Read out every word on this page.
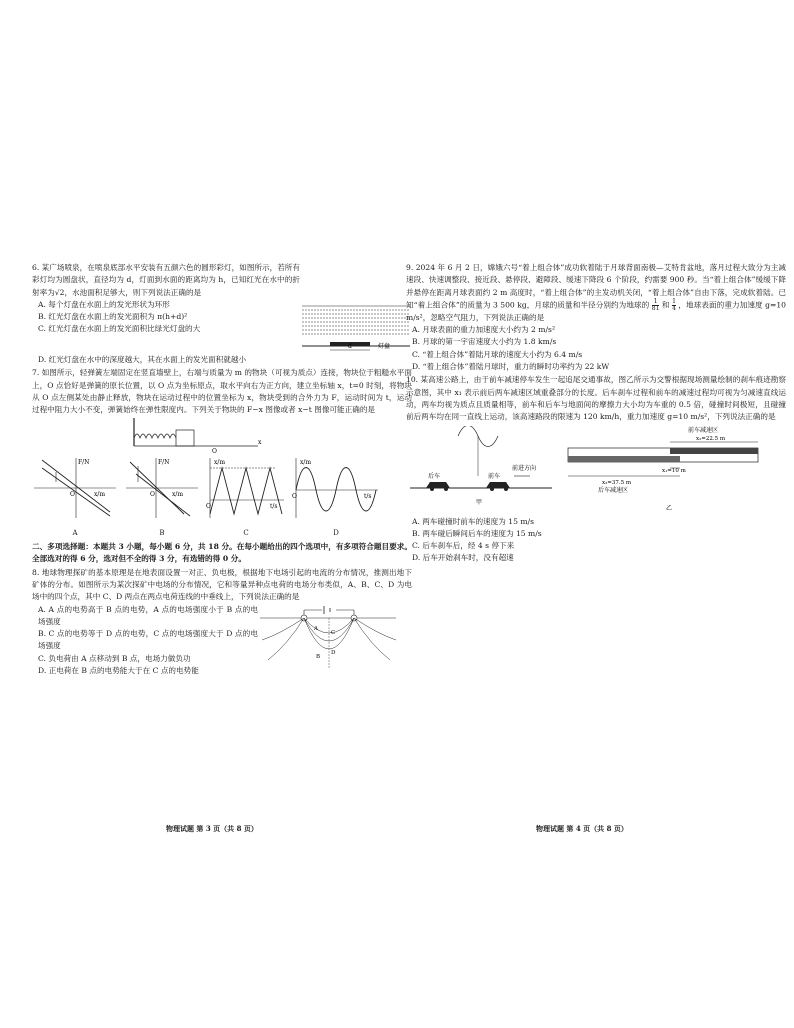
6. 某广场喷泉，在喷泉底部水平安装有五颜六色的圆形彩灯，如图所示，若所有彩灯均为圆盘状，直径均为 d，灯面到水面的距离均为 h，已知红光在水中的折射率为√2，水池面积足够大，则下列说法正确的是
A. 每个灯盘在水面上的发光形状为环形
B. 红光灯盘在水面上的发光面积为 π(h+d)²
C. 红光灯盘在水面上的发光面积比绿光灯盘的大
d	灯盘
D. 红光灯盘在水中的深度越大，其在水面上的发光面积就越小
7. 如图所示，轻弹簧左端固定在竖直墙壁上，右端与质量为 m 的物块（可视为质点）连接，物块位于粗糙水平面上，O 点恰好是弹簧的原长位置，以 O 点为坐标原点，取水平向右为正方向，建立坐标轴 x，t=0 时刻，将物块从 O 点左侧某处由静止释放，物块在运动过程中的位置坐标为 x，物块受到的合外力为 F，运动时间为 t，运动过程中阻力大小不变，弹簧始终在弹性限度内。下列关于物块的 F−x 图像或者 x−t 图像可能正确的是
O
x
F/N
x/m
O
A
F/N
x/m
O
B
x/m
t/s
O
C
x/m
t/s
O
D
二、多项选择题：本题共 3 小题，每小题 6 分，共 18 分。在每小题给出的四个选项中，有多项符合题目要求。全部选对的得 6 分，选对但不全的得 3 分，有选错的得 0 分。
8. 地球物理探矿的基本原理是在地表面设置一对正、负电极，根据地下电场引起的电流的分布情况，推测出地下矿体的分布。如图所示为某次探矿中电场的分布情况，它和等量异种点电荷的电场分布类似，A、B、C、D 为电场中的四个点，其中 C、D 两点在两点电荷连线的中垂线上，下列说法正确的是
A. A 点的电势高于 B 点的电势，A 点的电场强度小于 B 点的电场强度
B. C 点的电势等于 D 点的电势，C 点的电场强度大于 D 点的电场强度
C. 负电荷由 A 点移动到 B 点，电场力做负功
D. 正电荷在 B 点的电势能大于在 C 点的电势能
A
B
C
D
物理试题 第 3 页（共 8 页）
9. 2024 年 6 月 2 日，嫦娥六号“着上组合体”成功软着陆于月球背面南极—艾特肯盆地，落月过程大致分为主减速段、快速调整段、接近段、悬停段、避障段、缓速下降段 6 个阶段，约需要 900 秒。当“着上组合体”缓缓下降并悬停在距离月球表面约 2 m 高度时，“着上组合体”的主发动机关闭，“着上组合体”自由下落，完成软着陆。已知“着上组合体”的质量为 3 500 kg，月球的质量和半径分别约为地球的 $\frac{1}{81}$ 和 $\frac{1}{4}$ ，地球表面的重力加速度 g=10 m/s²，忽略空气阻力，下列说法正确的是
A. 月球表面的重力加速度大小约为 2 m/s²
B. 月球的第一宇宙速度大小约为 1.8 km/s
C. “着上组合体”着陆月球的速度大小约为 6.4 m/s
D. “着上组合体”着陆月球时，重力的瞬时功率约为 22 kW
10. 某高速公路上，由于前车减速停车发生一起追尾交通事故，图乙所示为交警根据现场测量绘制的刹车痕迹勘察示意图，其中 x₁ 表示前后两车减速区域重叠部分的长度。后车刹车过程和前车的减速过程均可视为匀减速直线运动，两车均视为质点且质量相等，前车和后车与地面间的摩擦力大小均为车重的 0.5 倍，碰撞时间极短，且碰撞前后两车均在同一直线上运动，该高速路段的限速为 120 km/h，重力加速度 g=10 m/s²，下列说法正确的是
后车	前车
前进方向
甲
前车减速区
x₂=22.5 m
x₁=10 m
x₃=37.5 m
后车减速区
乙
A. 两车碰撞时前车的速度为 15 m/s
B. 两车碰后瞬间后车的速度为 15 m/s
C. 后车刹车后，经 4 s 停下来
D. 后车开始刹车时，没有超速
物理试题 第 4 页（共 8 页）
